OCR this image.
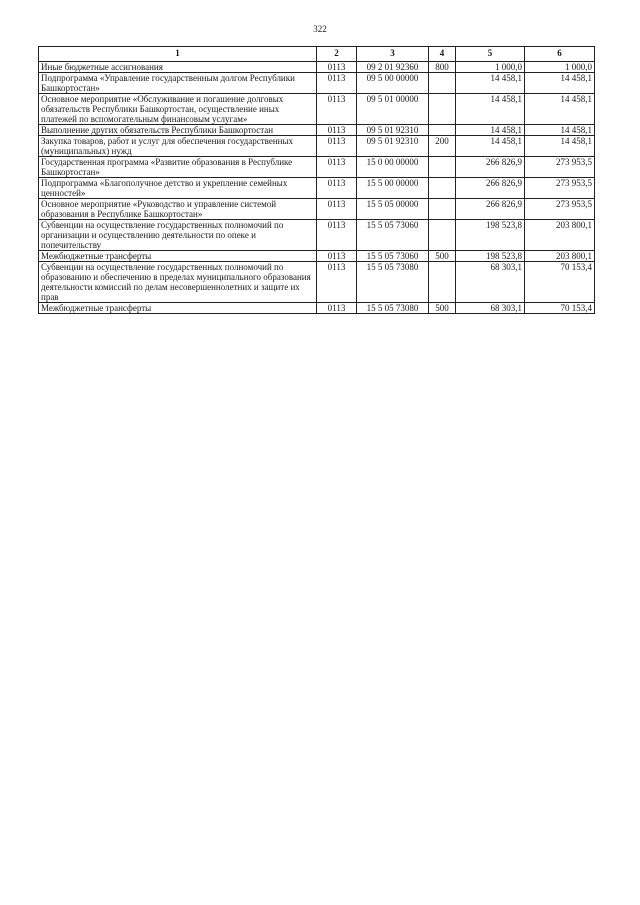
322
1	2	3	4	5	6
Иные бюджетные ассигнования	0113	09 2 01 92360	800	1 000,0	1 000,0
Подпрограмма «Управление государственным долгом Республики Башкортостан»	0113	09 5 00 00000		14 458,1	14 458,1
Основное мероприятие «Обслуживание и погашение долговых обязательств Республики Башкортостан, осуществление иных платежей по вспомогательным финансовым услугам»	0113	09 5 01 00000		14 458,1	14 458,1
Выполнение других обязательств Республики Башкортостан	0113	09 5 01 92310		14 458,1	14 458,1
Закупка товаров, работ и услуг для обеспечения государственных (муниципальных) нужд	0113	09 5 01 92310	200	14 458,1	14 458,1
Государственная программа «Развитие образования в Республике Башкортостан»	0113	15 0 00 00000		266 826,9	273 953,5
Подпрограмма «Благополучное детство и укрепление семейных ценностей»	0113	15 5 00 00000		266 826,9	273 953,5
Основное мероприятие «Руководство и управление системой образования в Республике Башкортостан»	0113	15 5 05 00000		266 826,9	273 953,5
Субвенции на осуществление государственных полномочий по организации и осуществлению деятельности по опеке и попечительству	0113	15 5 05 73060		198 523,8	203 800,1
Межбюджетные трансферты	0113	15 5 05 73060	500	198 523,8	203 800,1
Субвенции на осуществление государственных полномочий по образованию и обеспечению в пределах муниципального образования деятельности комиссий по делам несовершеннолетних и защите их прав	0113	15 5 05 73080		68 303,1	70 153,4
Межбюджетные трансферты	0113	15 5 05 73080	500	68 303,1	70 153,4
